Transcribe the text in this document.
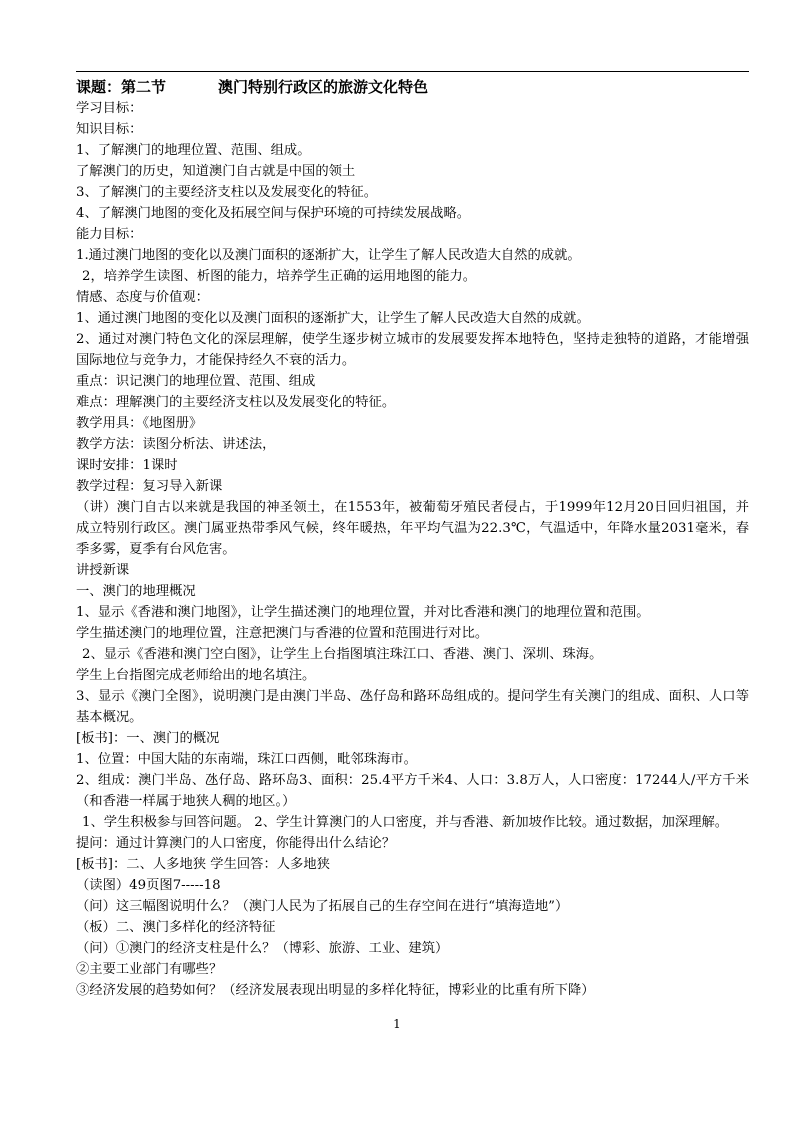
课题：第二节	澳门特别行政区的旅游文化特色
学习目标：
知识目标：
1、了解澳门的地理位置、范围、组成。
了解澳门的历史，知道澳门自古就是中国的领土
3、了解澳门的主要经济支柱以及发展变化的特征。
4、了解澳门地图的变化及拓展空间与保护环境的可持续发展战略。
能力目标：
1.通过澳门地图的变化以及澳门面积的逐渐扩大，让学生了解人民改造大自然的成就。
2，培养学生读图、析图的能力，培养学生正确的运用地图的能力。
情感、态度与价值观：
1、通过澳门地图的变化以及澳门面积的逐渐扩大，让学生了解人民改造大自然的成就。
2、通过对澳门特色文化的深层理解，使学生逐步树立城市的发展要发挥本地特色，坚持走独特的道路，才能增强国际地位与竞争力，才能保持经久不衰的活力。
重点：识记澳门的地理位置、范围、组成
难点：理解澳门的主要经济支柱以及发展变化的特征。
教学用具：《地图册》
教学方法：读图分析法、讲述法，
课时安排：1课时
教学过程：复习导入新课
（讲）澳门自古以来就是我国的神圣领土，在1553年，被葡萄牙殖民者侵占，于1999年12月20日回归祖国，并成立特别行政区。澳门属亚热带季风气候，终年暖热，年平均气温为22.3℃，气温适中，年降水量2031毫米，春季多雾，夏季有台风危害。
讲授新课
一、澳门的地理概况
1、显示《香港和澳门地图》，让学生描述澳门的地理位置，并对比香港和澳门的地理位置和范围。
学生描述澳门的地理位置，注意把澳门与香港的位置和范围进行对比。
2、显示《香港和澳门空白图》，让学生上台指图填注珠江口、香港、澳门、深圳、珠海。
学生上台指图完成老师给出的地名填注。
3、显示《澳门全图》，说明澳门是由澳门半岛、氹仔岛和路环岛组成的。提问学生有关澳门的组成、面积、人口等基本概况。
[板书]：一、澳门的概况
1、位置：中国大陆的东南端，珠江口西侧，毗邻珠海市。
2、组成：澳门半岛、氹仔岛、路环岛3、面积：25.4平方千米4、人口：3.8万人，人口密度：17244人/平方千米（和香港一样属于地狭人稠的地区。）
1、学生积极参与回答问题。 2、学生计算澳门的人口密度，并与香港、新加坡作比较。通过数据，加深理解。
提问：通过计算澳门的人口密度，你能得出什么结论？
[板书]：二、人多地狭 学生回答：人多地狭
（读图）49页图7-----18
（问）这三幅图说明什么？（澳门人民为了拓展自己的生存空间在进行“填海造地”）
（板）二、澳门多样化的经济特征
（问）①澳门的经济支柱是什么？（博彩、旅游、工业、建筑）
②主要工业部门有哪些？
③经济发展的趋势如何？（经济发展表现出明显的多样化特征，博彩业的比重有所下降）
1
